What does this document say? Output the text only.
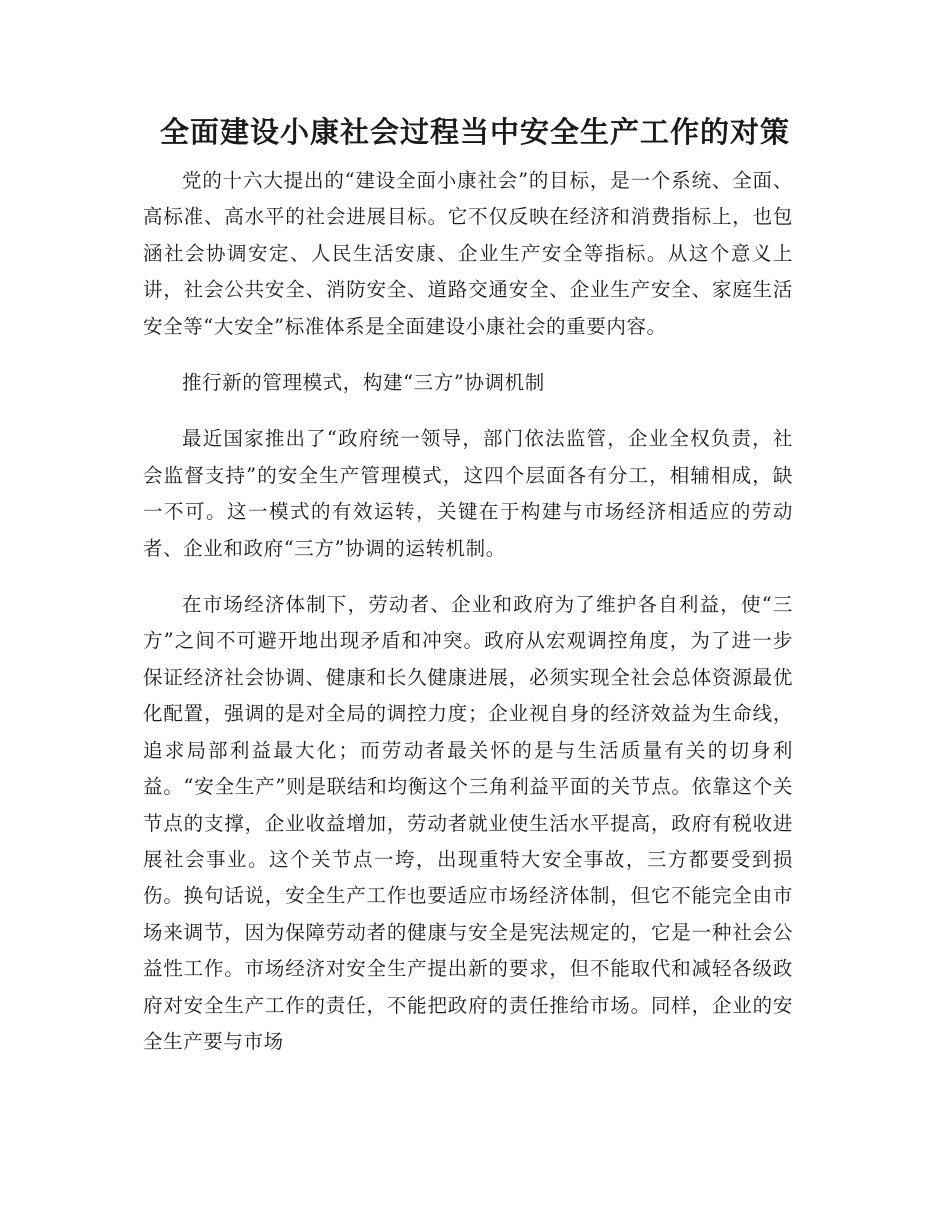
全面建设小康社会过程当中安全生产工作的对策

党的十六大提出的“建设全面小康社会”的目标，是一个系统、全面、高标准、高水平的社会进展目标。它不仅反映在经济和消费指标上，也包涵社会协调安定、人民生活安康、企业生产安全等指标。从这个意义上讲，社会公共安全、消防安全、道路交通安全、企业生产安全、家庭生活安全等“大安全”标准体系是全面建设小康社会的重要内容。

推行新的管理模式，构建“三方”协调机制

最近国家推出了“政府统一领导，部门依法监管，企业全权负责，社会监督支持”的安全生产管理模式，这四个层面各有分工，相辅相成，缺一不可。这一模式的有效运转，关键在于构建与市场经济相适应的劳动者、企业和政府“三方”协调的运转机制。

在市场经济体制下，劳动者、企业和政府为了维护各自利益，使“三方”之间不可避开地出现矛盾和冲突。政府从宏观调控角度，为了进一步保证经济社会协调、健康和长久健康进展，必须实现全社会总体资源最优化配置，强调的是对全局的调控力度；企业视自身的经济效益为生命线，追求局部利益最大化；而劳动者最关怀的是与生活质量有关的切身利益。“安全生产”则是联结和均衡这个三角利益平面的关节点。依靠这个关节点的支撑，企业收益增加，劳动者就业使生活水平提高，政府有税收进展社会事业。这个关节点一垮，出现重特大安全事故，三方都要受到损伤。换句话说，安全生产工作也要适应市场经济体制，但它不能完全由市场来调节，因为保障劳动者的健康与安全是宪法规定的，它是一种社会公益性工作。市场经济对安全生产提出新的要求，但不能取代和减轻各级政府对安全生产工作的责任，不能把政府的责任推给市场。同样，企业的安全生产要与市场
